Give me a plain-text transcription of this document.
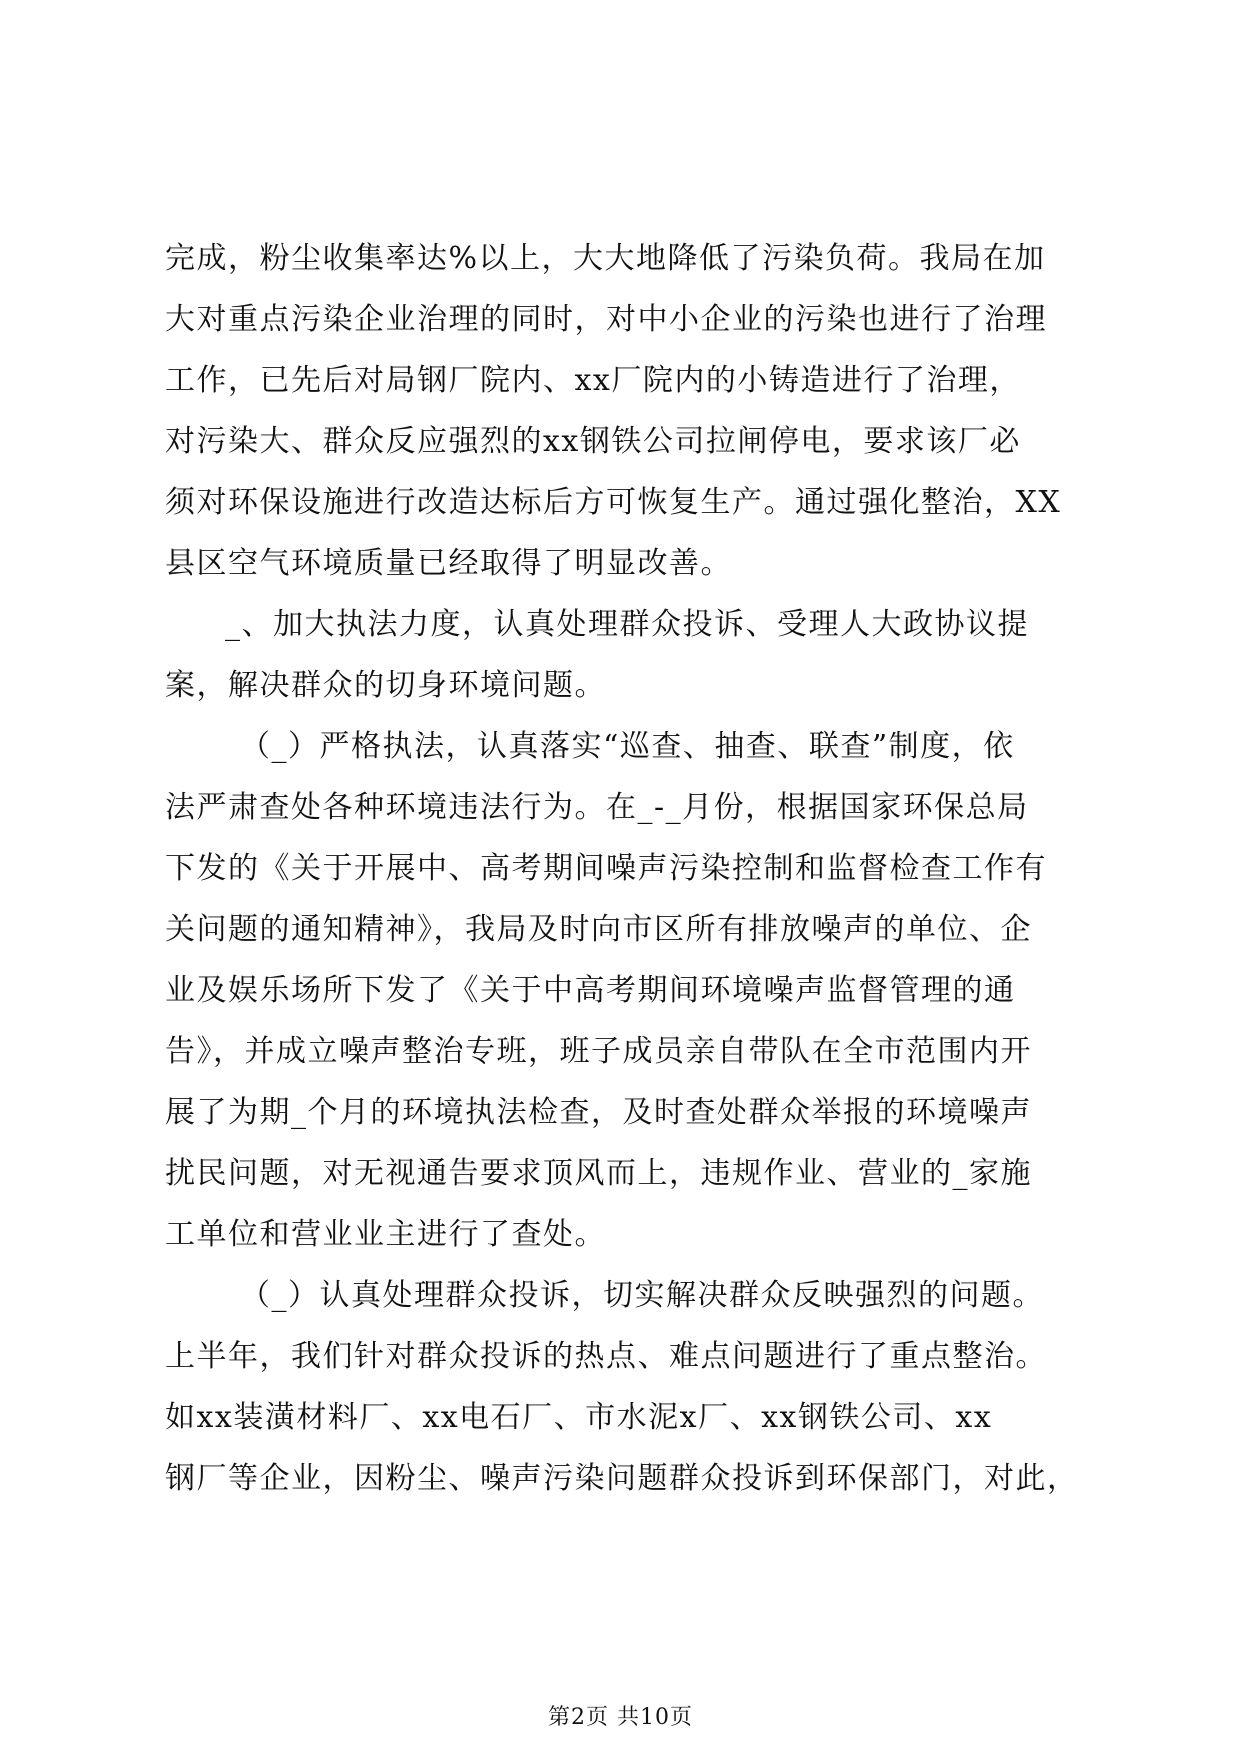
完成，粉尘收集率达%以上，大大地降低了污染负荷。我局在加
大对重点污染企业治理的同时，对中小企业的污染也进行了治理
工作，已先后对局钢厂院内、xx厂院内的小铸造进行了治理，
对污染大、群众反应强烈的xx钢铁公司拉闸停电，要求该厂必
须对环保设施进行改造达标后方可恢复生产。通过强化整治，XX
县区空气环境质量已经取得了明显改善。
_、加大执法力度，认真处理群众投诉、受理人大政协议提
案，解决群众的切身环境问题。
（_）严格执法，认真落实“巡查、抽查、联查”制度，依
法严肃查处各种环境违法行为。在_-_月份，根据国家环保总局
下发的《关于开展中、高考期间噪声污染控制和监督检查工作有
关问题的通知精神》，我局及时向市区所有排放噪声的单位、企
业及娱乐场所下发了《关于中高考期间环境噪声监督管理的通
告》，并成立噪声整治专班，班子成员亲自带队在全市范围内开
展了为期_个月的环境执法检查，及时查处群众举报的环境噪声
扰民问题，对无视通告要求顶风而上，违规作业、营业的_家施
工单位和营业业主进行了查处。
（_）认真处理群众投诉，切实解决群众反映强烈的问题。
上半年，我们针对群众投诉的热点、难点问题进行了重点整治。
如xx装潢材料厂、xx电石厂、市水泥x厂、xx钢铁公司、xx
钢厂等企业，因粉尘、噪声污染问题群众投诉到环保部门，对此，
第2页 共10页
